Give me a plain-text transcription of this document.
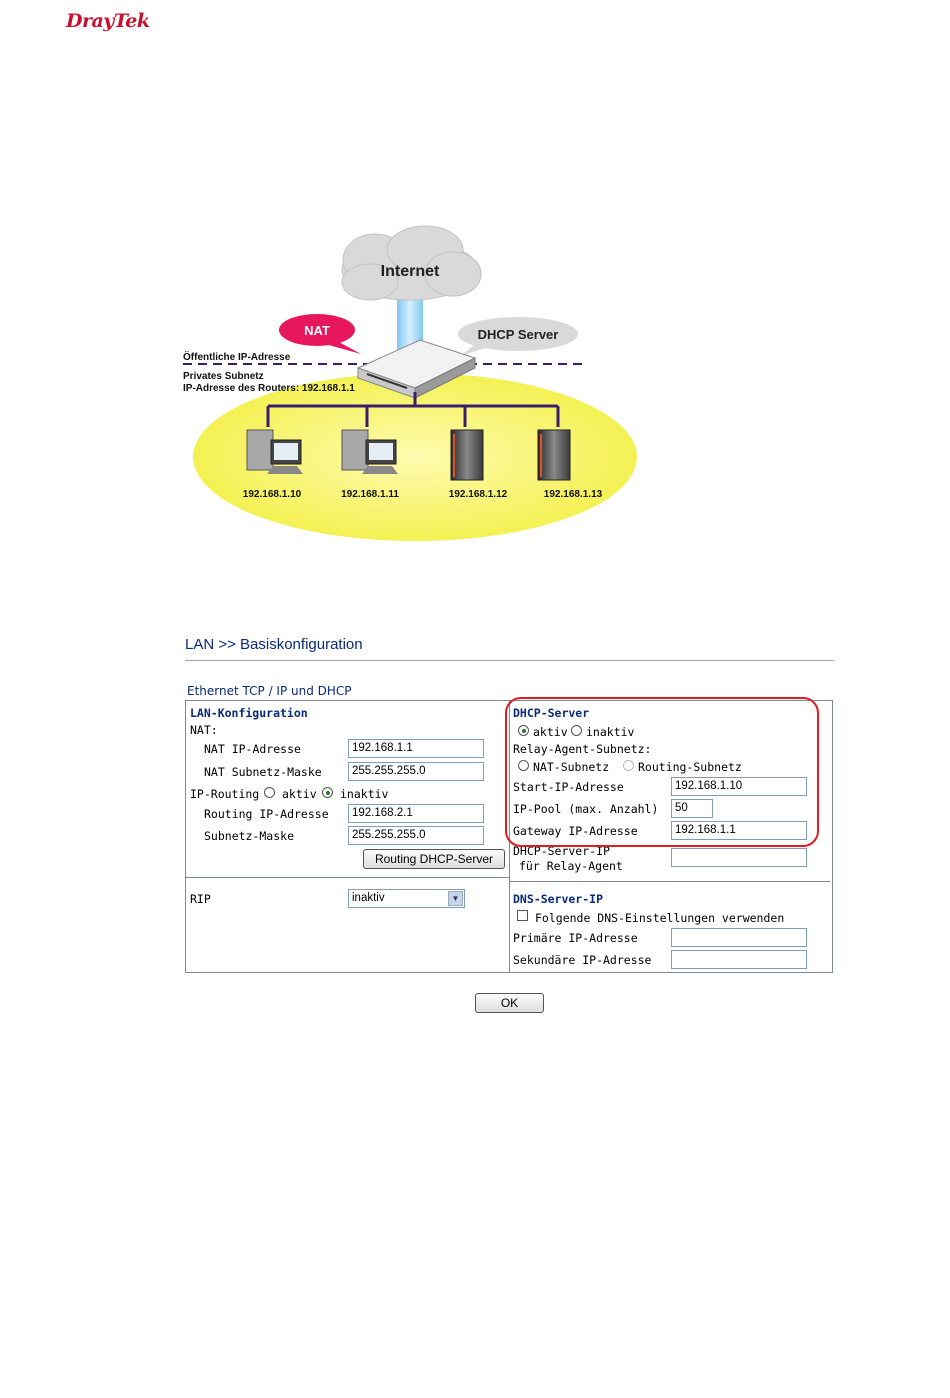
DrayTek
Internet
NAT	DHCP Server
Öffentliche IP-Adresse
Privates Subnetz
IP-Adresse des Routers: 192.168.1.1
192.168.1.10	192.168.1.11	192.168.1.12	192.168.1.13
LAN >> Basiskonfiguration
Ethernet TCP / IP und DHCP
LAN-Konfiguration
NAT:
NAT IP-Adresse	192.168.1.1
NAT Subnetz-Maske	255.255.255.0
IP-Routing aktiv inaktiv
Routing IP-Adresse	192.168.2.1
Subnetz-Maske	255.255.255.0
Routing DHCP-Server
RIP	inaktiv	▼
DHCP-Server
aktiv inaktiv
Relay-Agent-Subnetz:
NAT-Subnetz	Routing-Subnetz
Start-IP-Adresse	192.168.1.10
IP-Pool (max. Anzahl)	50
Gateway IP-Adresse	192.168.1.1
DHCP-Server-IP
für Relay-Agent
DNS-Server-IP
Folgende DNS-Einstellungen verwenden
Primäre IP-Adresse
Sekundäre IP-Adresse
OK
